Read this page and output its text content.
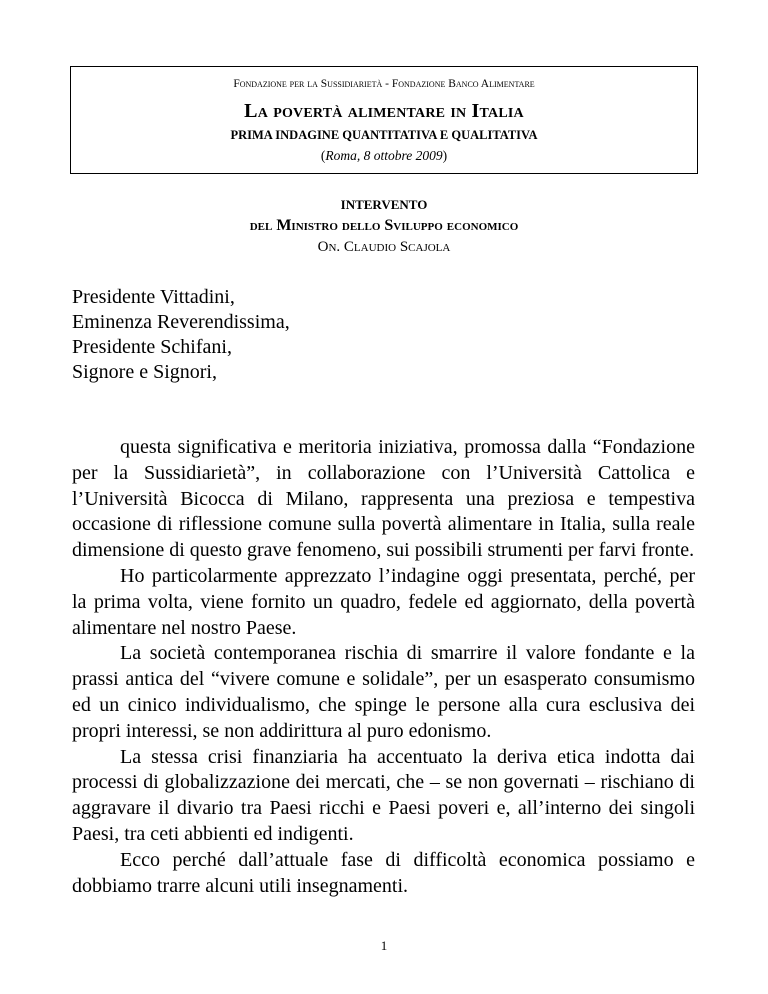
Fondazione per la Sussidiarietà - Fondazione Banco Alimentare
La povertà alimentare in Italia
PRIMA INDAGINE QUANTITATIVA E QUALITATIVA
(Roma, 8 ottobre 2009)
INTERVENTO
del Ministro dello Sviluppo economico
On. Claudio Scajola
Presidente Vittadini,
Eminenza Reverendissima,
Presidente Schifani,
Signore e Signori,

questa significativa e meritoria iniziativa, promossa dalla “Fondazione per la Sussidiarietà”, in collaborazione con l’Università Cattolica e l’Università Bicocca di Milano, rappresenta una preziosa e tempestiva occasione di riflessione comune sulla povertà alimentare in Italia, sulla reale dimensione di questo grave fenomeno, sui possibili strumenti per farvi fronte.

Ho particolarmente apprezzato l’indagine oggi presentata, perché, per la prima volta, viene fornito un quadro, fedele ed aggiornato, della povertà alimentare nel nostro Paese.

La società contemporanea rischia di smarrire il valore fondante e la prassi antica del “vivere comune e solidale”, per un esasperato consumismo ed un cinico individualismo, che spinge le persone alla cura esclusiva dei propri interessi, se non addirittura al puro edonismo.

La stessa crisi finanziaria ha accentuato la deriva etica indotta dai processi di globalizzazione dei mercati, che – se non governati – rischiano di aggravare il divario tra Paesi ricchi e Paesi poveri e, all’interno dei singoli Paesi, tra ceti abbienti ed indigenti.

Ecco perché dall’attuale fase di difficoltà economica possiamo e dobbiamo trarre alcuni utili insegnamenti.

1
